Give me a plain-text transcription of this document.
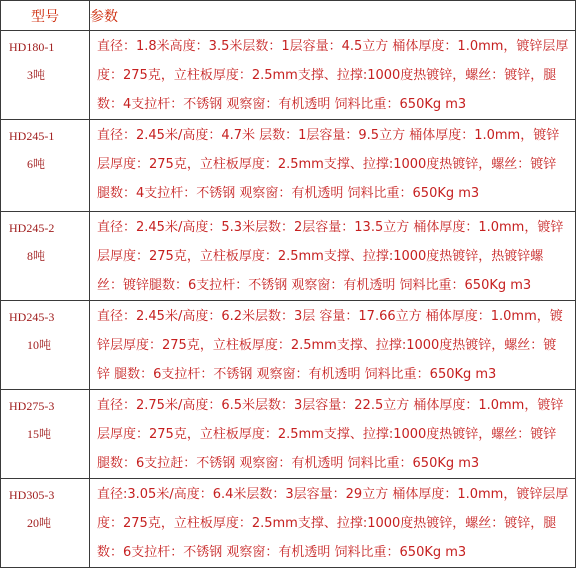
型号	参数
HD180-1
3吨	直径：1.8米高度：3.5米层数：1层容量：4.5立方 桶体厚度：1.0mm，镀锌层厚度：275克，立柱板厚度：2.5mm支撑、拉撑:1000度热镀锌，螺丝：镀锌，腿数：4支拉杆：不锈钢 观察窗：有机透明 饲料比重：650Kg m3
HD245-1
6吨	直径：2.45米/高度：4.7米 层数：1层容量：9.5立方 桶体厚度：1.0mm，镀锌层厚度：275克，立柱板厚度：2.5mm支撑、拉撑:1000度热镀锌，螺丝：镀锌腿数：4支拉杆：不锈钢 观察窗：有机透明 饲料比重：650Kg m3
HD245-2
8吨	直径：2.45米/高度：5.3米层数：2层容量：13.5立方 桶体厚度：1.0mm，镀锌层厚度：275克，立柱板厚度：2.5mm支撑、拉撑:1000度热镀锌，热镀锌螺丝：镀锌腿数：6支拉杆：不锈钢 观察窗：有机透明 饲料比重：650Kg m3
HD245-3
10吨	直径：2.45米/高度：6.2米层数：3层 容量：17.66立方 桶体厚度：1.0mm，镀锌层厚度：275克，立柱板厚度：2.5mm支撑、拉撑:1000度热镀锌，螺丝：镀锌 腿数：6支拉杆：不锈钢 观察窗：有机透明 饲料比重：650Kg m3
HD275-3
15吨	直径：2.75米/高度：6.5米层数：3层容量：22.5立方 桶体厚度：1.0mm，镀锌层厚度：275克，立柱板厚度：2.5mm支撑、拉撑:1000度热镀锌，螺丝：镀锌 腿数：6支拉赶：不锈钢 观察窗：有机透明 饲料比重：650Kg m3
HD305-3
20吨	直径:3.05米/高度：6.4米层数：3层容量：29立方 桶体厚度：1.0mm，镀锌层厚度：275克，立柱板厚度：2.5mm支撑、拉撑:1000度热镀锌，螺丝：镀锌，腿数：6支拉杆：不锈钢 观察窗：有机透明 饲料比重：650Kg m3
